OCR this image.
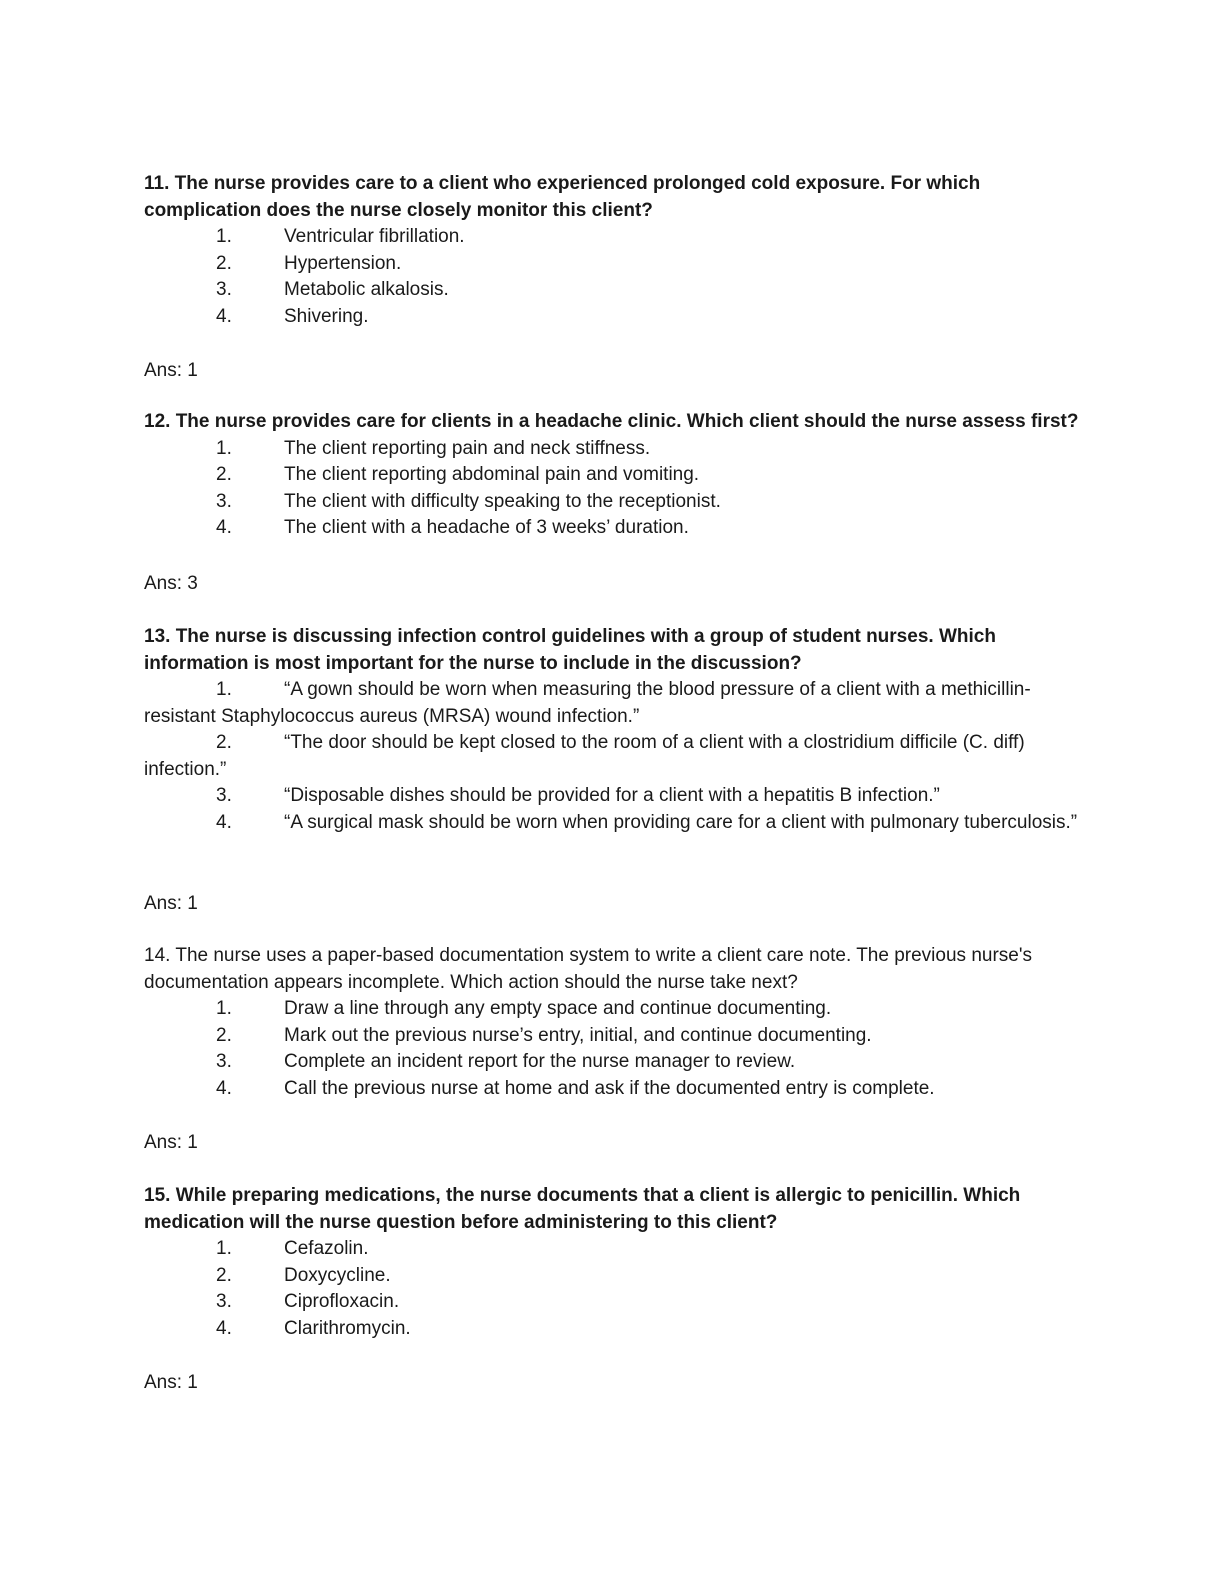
11. The nurse provides care to a client who experienced prolonged cold exposure. For which complication does the nurse closely monitor this client?

1.	Ventricular fibrillation.

2.	Hypertension.

3.	Metabolic alkalosis.

4.	Shivering.

Ans: 1

12. The nurse provides care for clients in a headache clinic. Which client should the nurse assess first?

1.	The client reporting pain and neck stiffness.

2.	The client reporting abdominal pain and vomiting.

3.	The client with difficulty speaking to the receptionist.

4.	The client with a headache of 3 weeks’ duration.

Ans: 3

13. The nurse is discussing infection control guidelines with a group of student nurses. Which information is most important for the nurse to include in the discussion?

1.	“A gown should be worn when measuring the blood pressure of a client with a methicillin-resistant Staphylococcus aureus (MRSA) wound infection.”

2.	“The door should be kept closed to the room of a client with a clostridium difficile (C. diff) infection.”

3.	“Disposable dishes should be provided for a client with a hepatitis B infection.”

4.	“A surgical mask should be worn when providing care for a client with pulmonary tuberculosis.”

Ans: 1

14. The nurse uses a paper-based documentation system to write a client care note. The previous nurse's documentation appears incomplete. Which action should the nurse take next?

1.	Draw a line through any empty space and continue documenting.

2.	Mark out the previous nurse’s entry, initial, and continue documenting.

3.	Complete an incident report for the nurse manager to review.

4.	Call the previous nurse at home and ask if the documented entry is complete.

Ans: 1

15. While preparing medications, the nurse documents that a client is allergic to penicillin. Which medication will the nurse question before administering to this client?

1.	Cefazolin.

2.	Doxycycline.

3.	Ciprofloxacin.

4.	Clarithromycin.

Ans: 1
